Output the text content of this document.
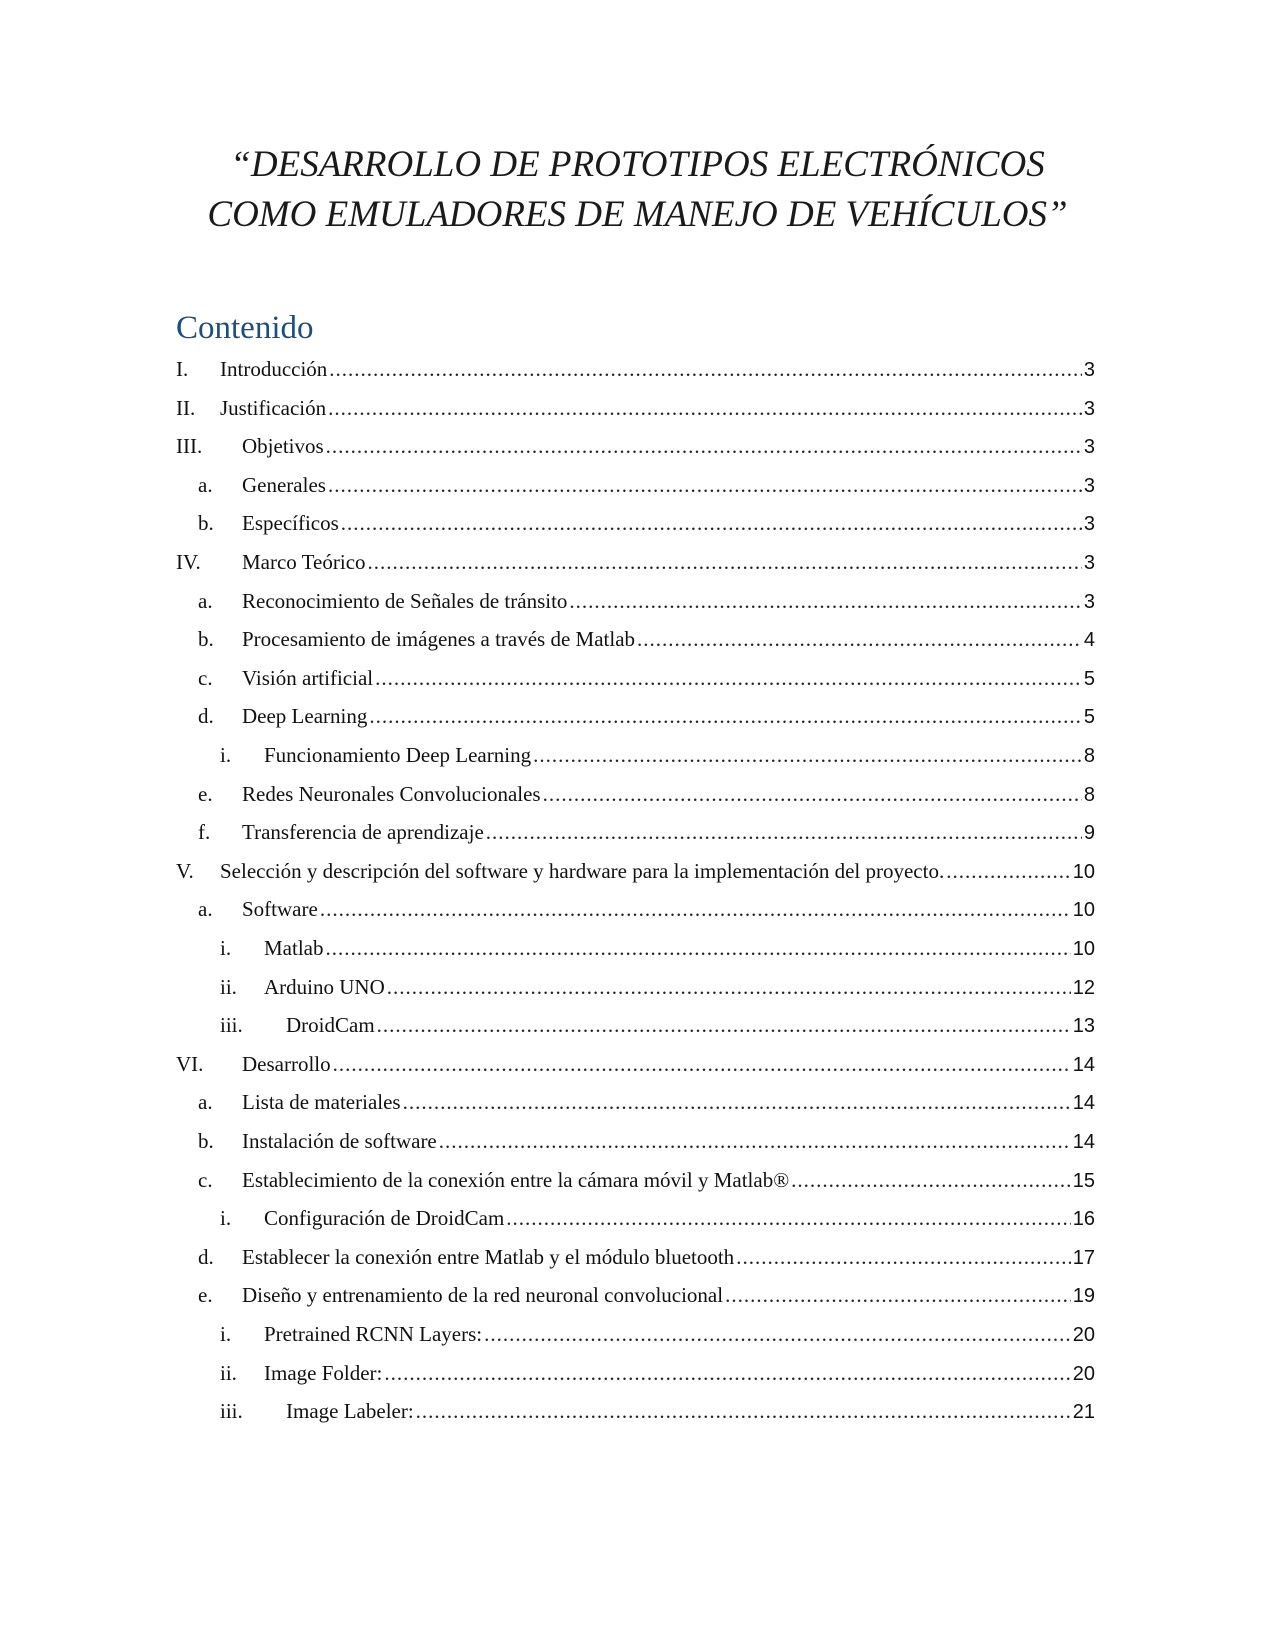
“DESARROLLO DE PROTOTIPOS ELECTRÓNICOS
COMO EMULADORES DE MANEJO DE VEHÍCULOS”
Contenido
I. Introducción .....	3
II. Justificación .....	3
III. Objetivos .....	3
a. Generales .....	3
b. Específicos .....	3
IV. Marco Teórico .....	3
a. Reconocimiento de Señales de tránsito .....	3
b. Procesamiento de imágenes a través de Matlab .....	4
c. Visión artificial .....	5
d. Deep Learning .....	5
i. Funcionamiento Deep Learning .....	8
e. Redes Neuronales Convolucionales .....	8
f. Transferencia de aprendizaje .....	9
V. Selección y descripción del software y hardware para la implementación del proyecto. .....	10
a. Software .....	10
i. Matlab .....	10
ii. Arduino UNO .....	12
iii. DroidCam .....	13
VI. Desarrollo .....	14
a. Lista de materiales .....	14
b. Instalación de software .....	14
c. Establecimiento de la conexión entre la cámara móvil y Matlab® .....	15
i. Configuración de DroidCam .....	16
d. Establecer la conexión entre Matlab y el módulo bluetooth .....	17
e. Diseño y entrenamiento de la red neuronal convolucional .....	19
i. Pretrained RCNN Layers: .....	20
ii. Image Folder: .....	20
iii. Image Labeler: .....	21
